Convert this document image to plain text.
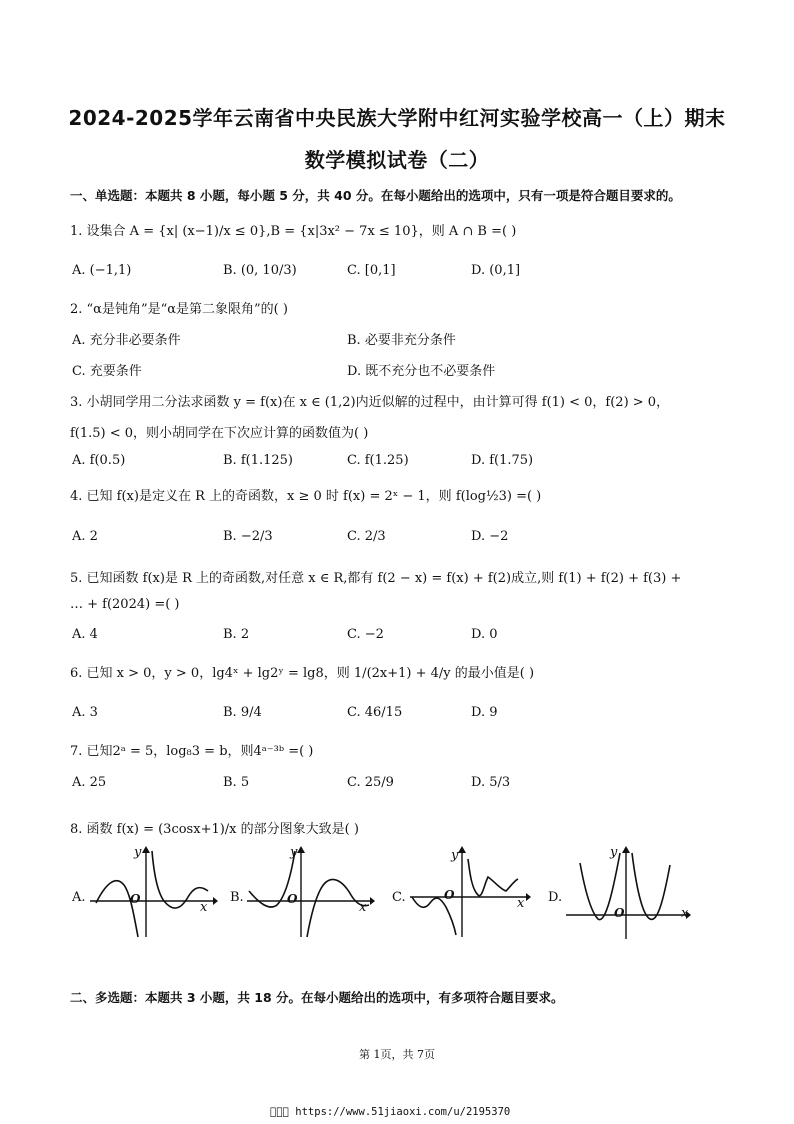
2024-2025学年云南省中央民族大学附中红河实验学校高一（上）期末
数学模拟试卷（二）
一、单选题：本题共 8 小题，每小题 5 分，共 40 分。在每小题给出的选项中，只有一项是符合题目要求的。
1. 设集合 A = {x| (x−1)/x ≤ 0},B = {x|3x² − 7x ≤ 10}，则 A ∩ B =( )
A. (−1,1)	B. (0, 10/3)	C. [0,1]	D. (0,1]
2. “α是钝角”是“α是第二象限角”的( )
A. 充分非必要条件	B. 必要非充分条件
C. 充要条件	D. 既不充分也不必要条件
3. 小胡同学用二分法求函数 y = f(x)在 x ∈ (1,2)内近似解的过程中，由计算可得 f(1) < 0，f(2) > 0，
f(1.5) < 0，则小胡同学在下次应计算的函数值为( )
A. f(0.5)	B. f(1.125)	C. f(1.25)	D. f(1.75)
4. 已知 f(x)是定义在 R 上的奇函数，x ≥ 0 时 f(x) = 2ˣ − 1，则 f(log½3) =( )
A. 2	B. −2/3	C. 2/3	D. −2
5. 已知函数 f(x)是 R 上的奇函数,对任意 x ∈ R,都有 f(2 − x) = f(x) + f(2)成立,则 f(1) + f(2) + f(3) +
… + f(2024) =( )
A. 4	B. 2	C. −2	D. 0
6. 已知 x > 0，y > 0，lg4ˣ + lg2ʸ = lg8，则 1/(2x+1) + 4/y 的最小值是( )
A. 3	B. 9/4	C. 46/15	D. 9
7. 已知2ᵃ = 5，log₈3 = b，则4ᵃ⁻³ᵇ =( )
A. 25	B. 5	C. 25/9	D. 5/3
8. 函数 f(x) = (3cosx+1)/x 的部分图象大致是( )
A.	O
x
y
B.	O
x
y
C.	O
x
y
D.
O	x
y
二、多选题：本题共 3 小题，共 18 分。在每小题给出的选项中，有多项符合题目要求。
第 1页，共 7页
    https://www.51jiaoxi.com/u/2195370
